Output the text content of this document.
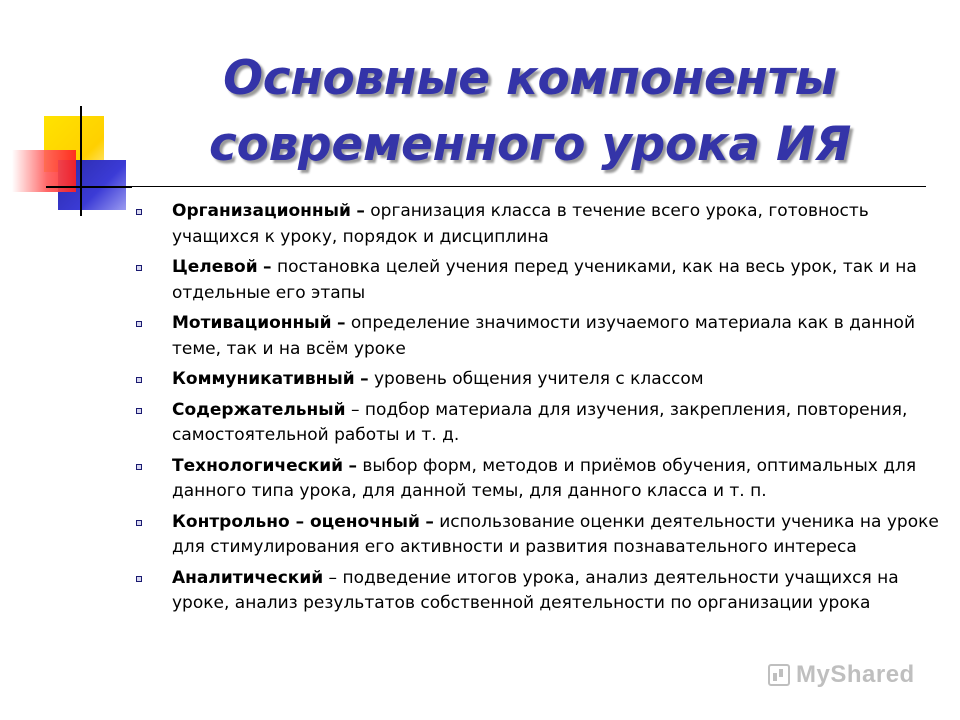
Основные компоненты
современного урока ИЯ
Организационный – организация класса в течение всего урока, готовность учащихся к уроку, порядок и дисциплина
Целевой – постановка целей учения перед учениками, как на весь урок, так и на отдельные его этапы
Мотивационный – определение значимости изучаемого материала как в данной теме, так и на всём уроке
Коммуникативный – уровень общения учителя с классом
Содержательный – подбор материала для изучения, закрепления, повторения, самостоятельной работы и т. д.
Технологический – выбор форм, методов и приёмов обучения, оптимальных для данного типа урока, для данной темы, для данного класса и т. п.
Контрольно – оценочный – использование оценки деятельности ученика на уроке для стимулирования его активности и развития познавательного интереса
Аналитический – подведение итогов урока, анализ деятельности учащихся на уроке, анализ результатов собственной деятельности по организации урока
MyShared
